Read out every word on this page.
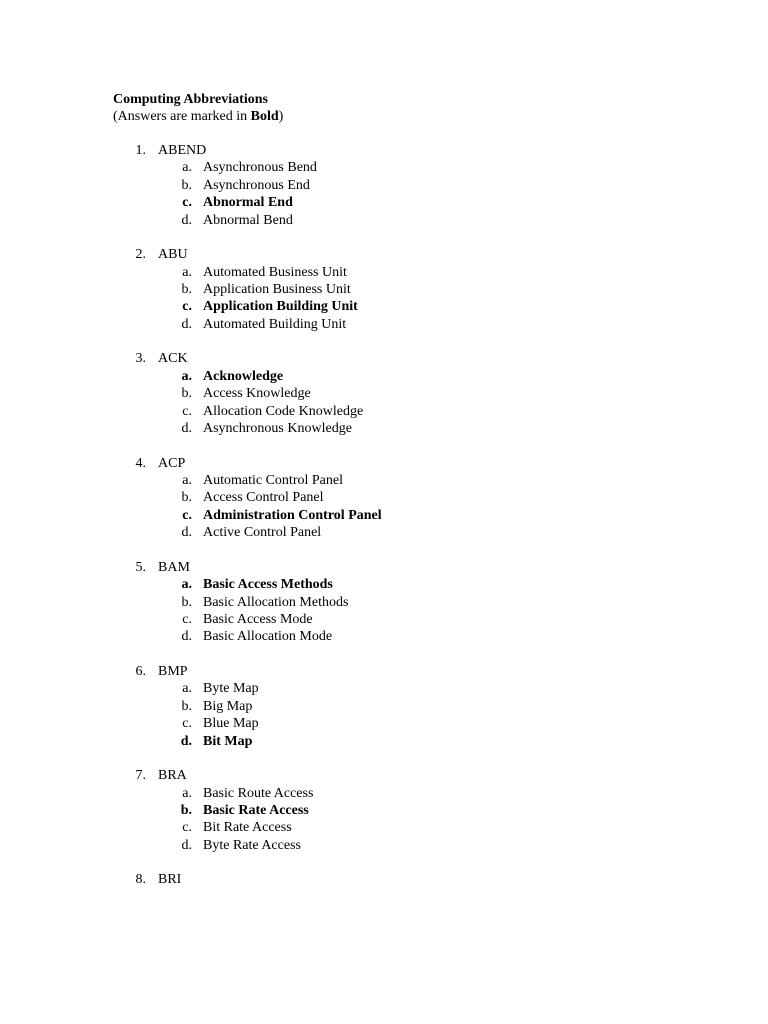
Computing Abbreviations
(Answers are marked in Bold)
1. ABEND
a. Asynchronous Bend
b. Asynchronous End
c. Abnormal End
d. Abnormal Bend
2. ABU
a. Automated Business Unit
b. Application Business Unit
c. Application Building Unit
d. Automated Building Unit
3. ACK
a. Acknowledge
b. Access Knowledge
c. Allocation Code Knowledge
d. Asynchronous Knowledge
4. ACP
a. Automatic Control Panel
b. Access Control Panel
c. Administration Control Panel
d. Active Control Panel
5. BAM
a. Basic Access Methods
b. Basic Allocation Methods
c. Basic Access Mode
d. Basic Allocation Mode
6. BMP
a. Byte Map
b. Big Map
c. Blue Map
d. Bit Map
7. BRA
a. Basic Route Access
b. Basic Rate Access
c. Bit Rate Access
d. Byte Rate Access
8. BRI
